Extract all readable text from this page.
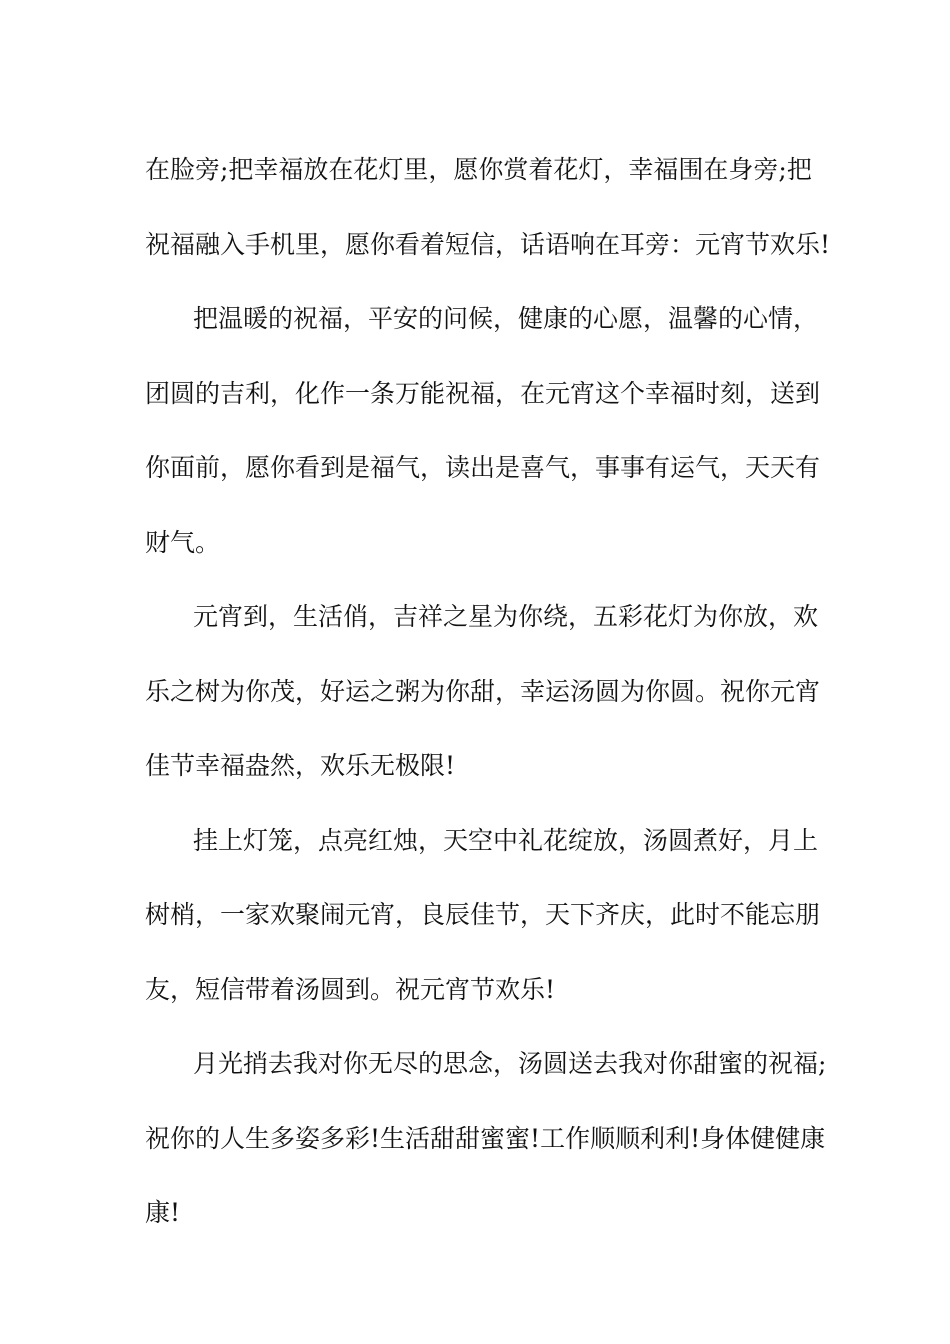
在脸旁;把幸福放在花灯里，愿你赏着花灯，幸福围在身旁;把
祝福融入手机里，愿你看着短信，话语响在耳旁：元宵节欢乐!
把温暖的祝福，平安的问候，健康的心愿，温馨的心情，
团圆的吉利，化作一条万能祝福，在元宵这个幸福时刻，送到
你面前，愿你看到是福气，读出是喜气，事事有运气，天天有
财气。
元宵到，生活俏，吉祥之星为你绕，五彩花灯为你放，欢
乐之树为你茂，好运之粥为你甜，幸运汤圆为你圆。祝你元宵
佳节幸福盎然，欢乐无极限!
挂上灯笼，点亮红烛，天空中礼花绽放，汤圆煮好，月上
树梢，一家欢聚闹元宵，良辰佳节，天下齐庆，此时不能忘朋
友，短信带着汤圆到。祝元宵节欢乐!
月光捎去我对你无尽的思念，汤圆送去我对你甜蜜的祝福;
祝你的人生多姿多彩!生活甜甜蜜蜜!工作顺顺利利!身体健健康
康!
